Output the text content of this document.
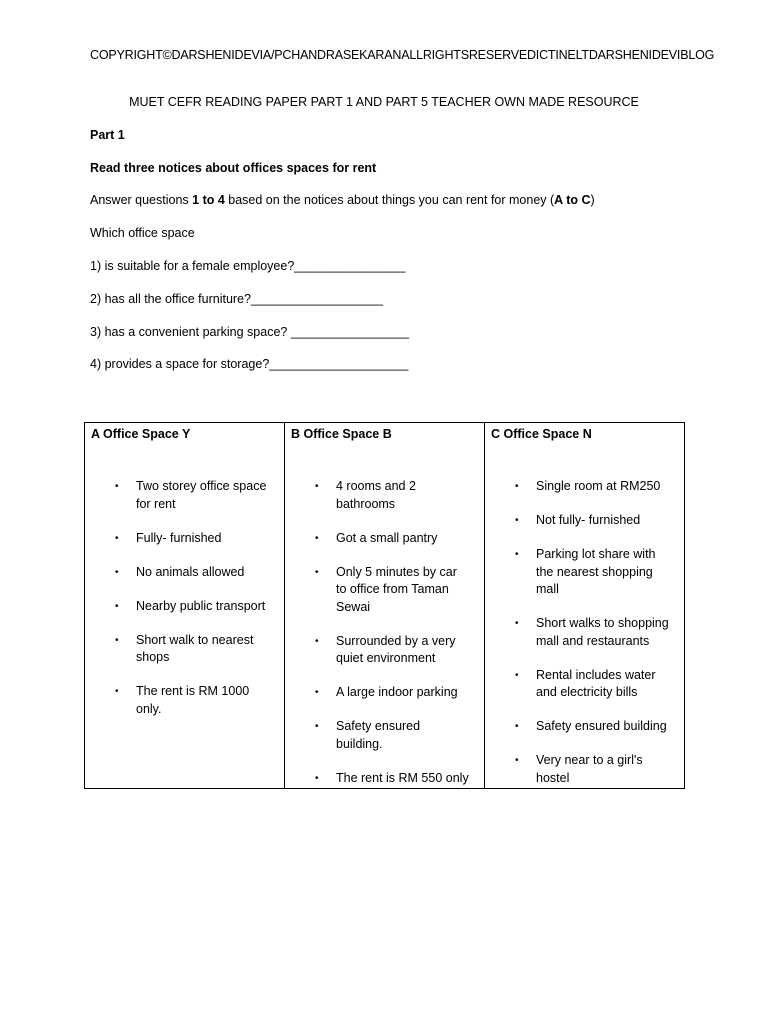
COPYRIGHT©DARSHENIDEVIA/PCHANDRASEKARANALLRIGHTSRESERVEDICTINELTDARSHENIDEVIBLOG
MUET CEFR READING PAPER PART 1 AND PART 5 TEACHER OWN MADE RESOURCE
Part 1
Read three notices about offices spaces for rent
Answer questions 1 to 4 based on the notices about things you can rent for money (A to C)
Which office space
1) is suitable for a female employee?________________
2) has all the office furniture?___________________
3) has a convenient parking space? _________________
4) provides a space for storage?____________________
A Office Space Y
• Two storey office space for rent
• Fully- furnished
• No animals allowed
• Nearby public transport
• Short walk to nearest shops
• The rent is RM 1000 only.

B Office Space B
• 4 rooms and 2 bathrooms
• Got a small pantry
• Only 5 minutes by car to office from Taman Sewai
• Surrounded by a very quiet environment
• A large indoor parking
• Safety ensured building.
• The rent is RM 550 only

C Office Space N
• Single room at RM250
• Not fully- furnished
• Parking lot share with the nearest shopping mall
• Short walks to shopping mall and restaurants
• Rental includes water and electricity bills
• Safety ensured building
• Very near to a girl's hostel
